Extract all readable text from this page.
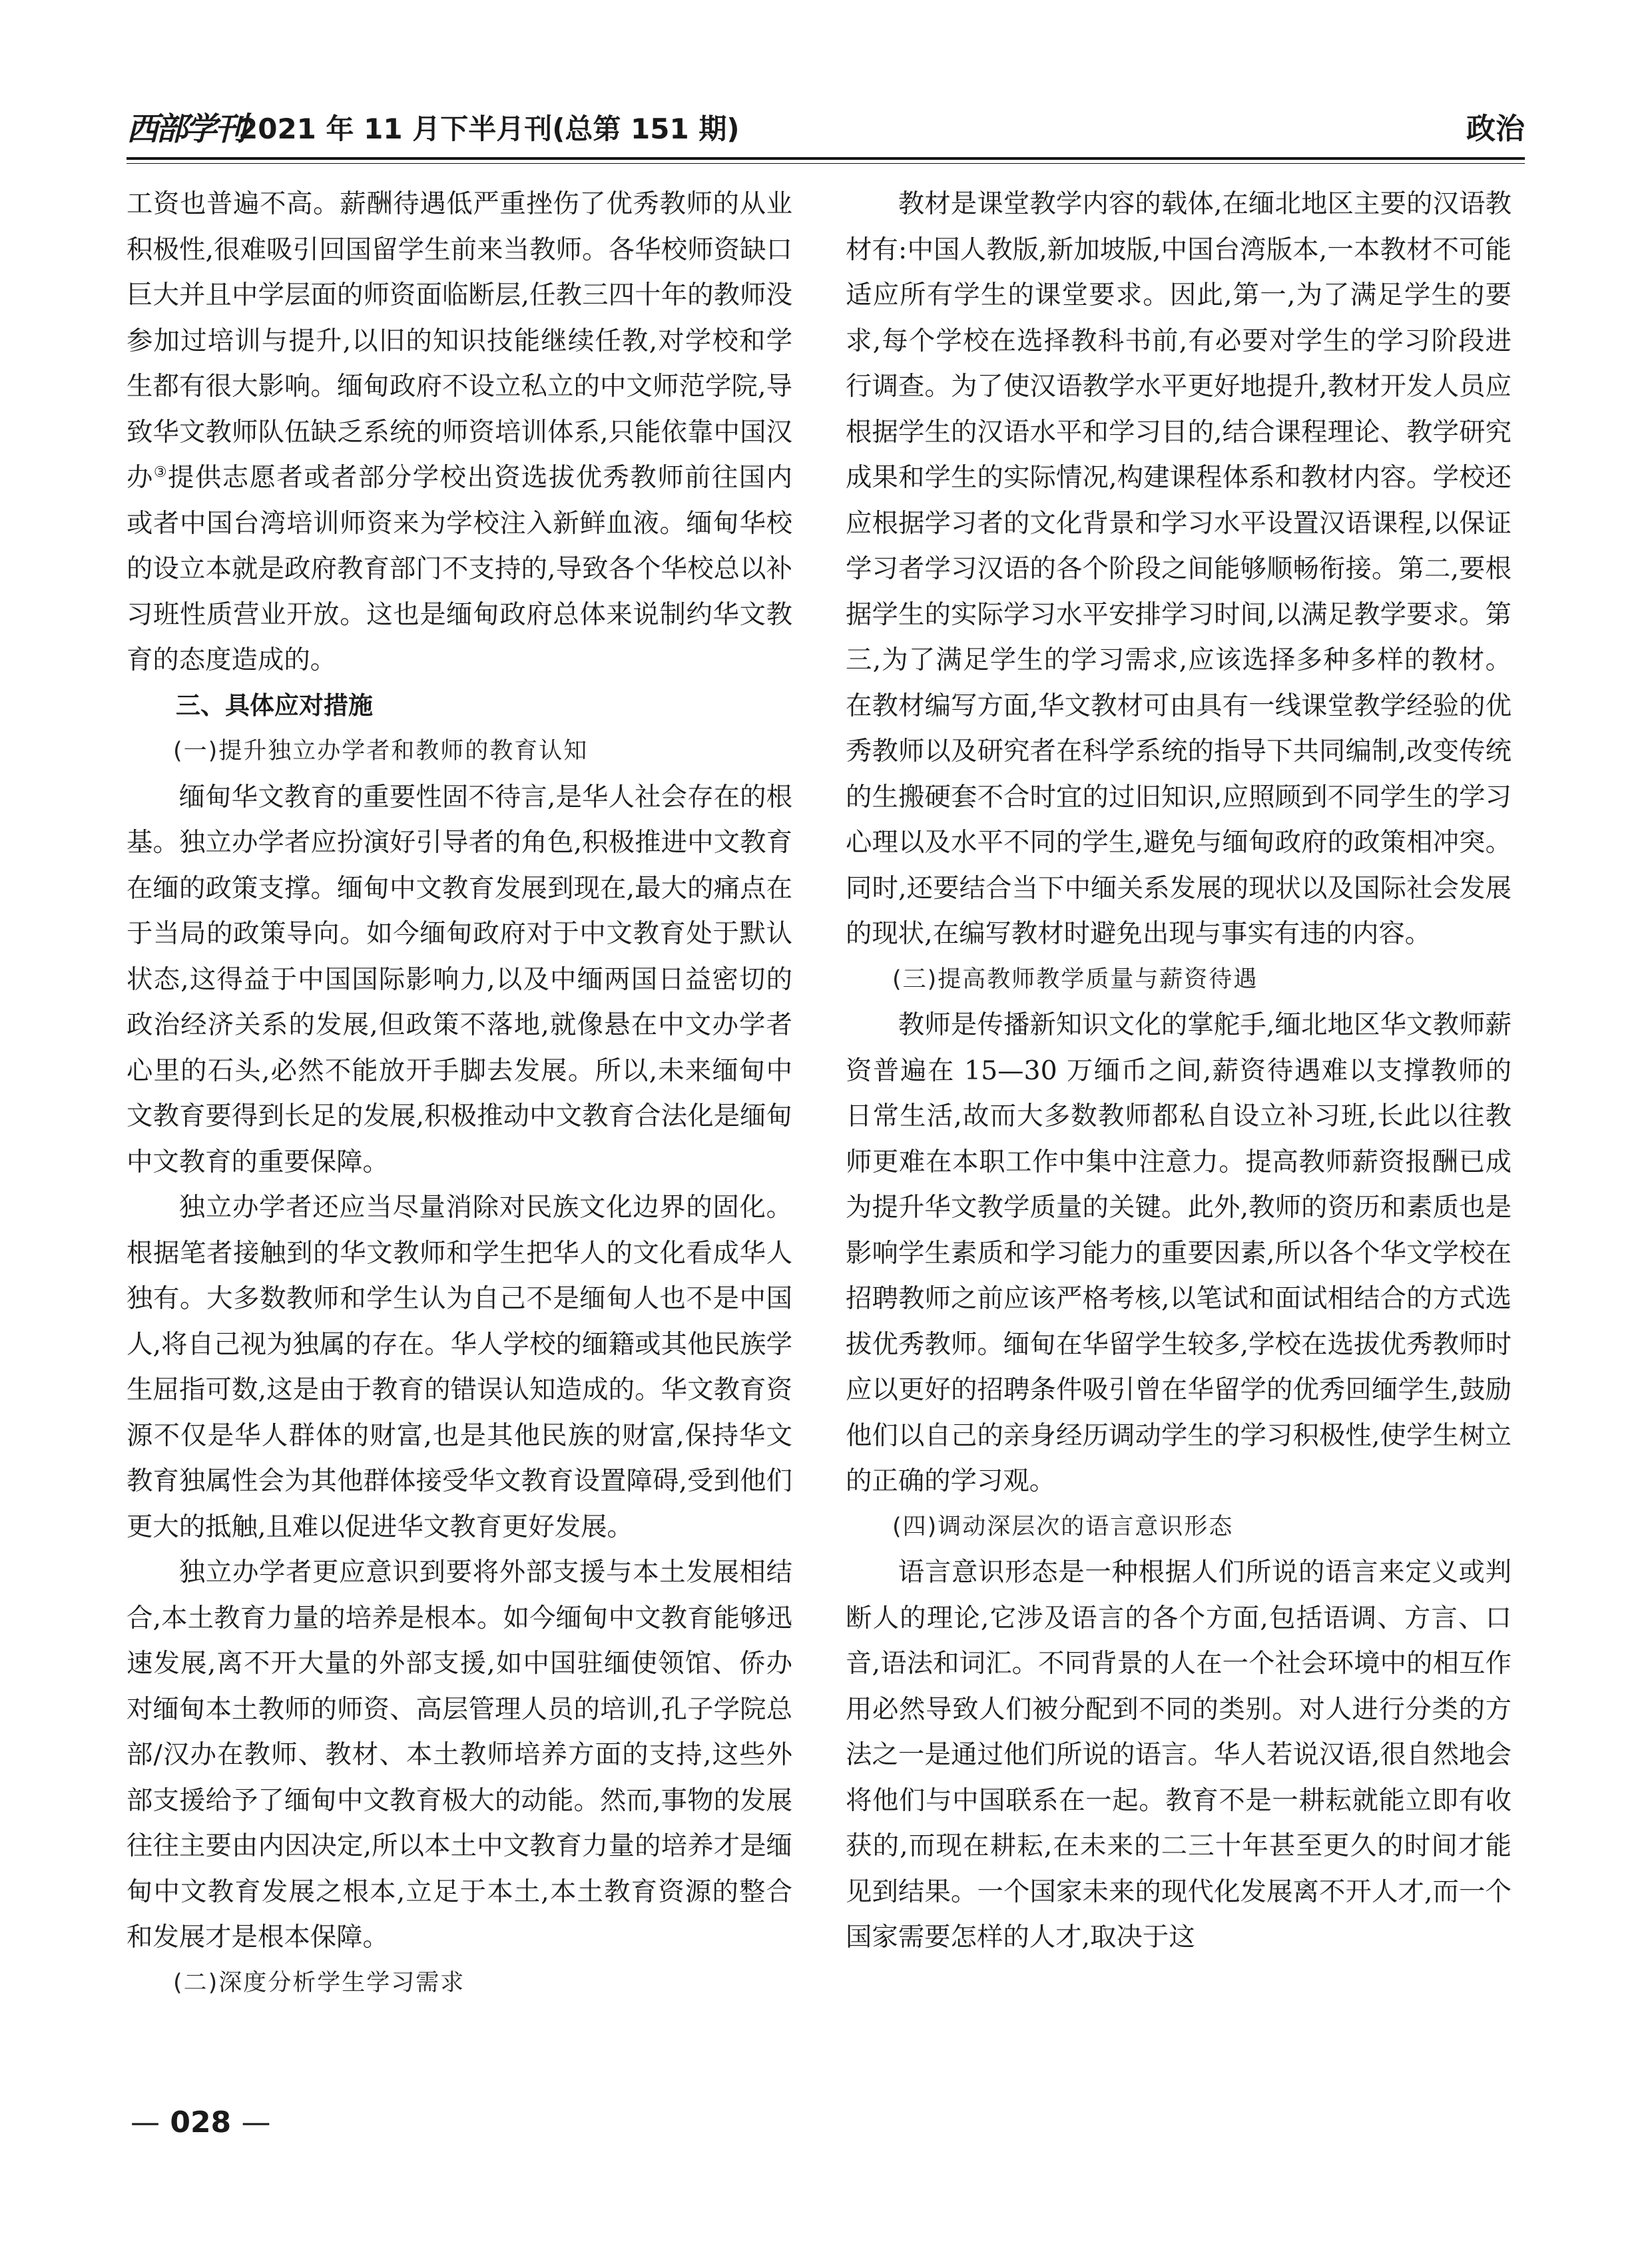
西部学刊
2021 年 11 月下半月刊(总第 151 期)	政治

工资也普遍不高。薪酬待遇低严重挫伤了优秀教师的从业积极性,很难吸引回国留学生前来当教师。各华校师资缺口巨大并且中学层面的师资面临断层,任教三四十年的教师没参加过培训与提升,以旧的知识技能继续任教,对学校和学生都有很大影响。缅甸政府不设立私立的中文师范学院,导致华文教师队伍缺乏系统的师资培训体系,只能依靠中国汉办③提供志愿者或者部分学校出资选拔优秀教师前往国内或者中国台湾培训师资来为学校注入新鲜血液。缅甸华校的设立本就是政府教育部门不支持的,导致各个华校总以补习班性质营业开放。这也是缅甸政府总体来说制约华文教育的态度造成的。

三、具体应对措施

(一)提升独立办学者和教师的教育认知

缅甸华文教育的重要性固不待言,是华人社会存在的根基。独立办学者应扮演好引导者的角色,积极推进中文教育在缅的政策支撑。缅甸中文教育发展到现在,最大的痛点在于当局的政策导向。如今缅甸政府对于中文教育处于默认状态,这得益于中国国际影响力,以及中缅两国日益密切的政治经济关系的发展,但政策不落地,就像悬在中文办学者心里的石头,必然不能放开手脚去发展。所以,未来缅甸中文教育要得到长足的发展,积极推动中文教育合法化是缅甸中文教育的重要保障。

独立办学者还应当尽量消除对民族文化边界的固化。根据笔者接触到的华文教师和学生把华人的文化看成华人独有。大多数教师和学生认为自己不是缅甸人也不是中国人,将自己视为独属的存在。华人学校的缅籍或其他民族学生屈指可数,这是由于教育的错误认知造成的。华文教育资源不仅是华人群体的财富,也是其他民族的财富,保持华文教育独属性会为其他群体接受华文教育设置障碍,受到他们更大的抵触,且难以促进华文教育更好发展。

独立办学者更应意识到要将外部支援与本土发展相结合,本土教育力量的培养是根本。如今缅甸中文教育能够迅速发展,离不开大量的外部支援,如中国驻缅使领馆、侨办对缅甸本土教师的师资、高层管理人员的培训,孔子学院总部/汉办在教师、教材、本土教师培养方面的支持,这些外部支援给予了缅甸中文教育极大的动能。然而,事物的发展往往主要由内因决定,所以本土中文教育力量的培养才是缅甸中文教育发展之根本,立足于本土,本土教育资源的整合和发展才是根本保障。

(二)深度分析学生学习需求

教材是课堂教学内容的载体,在缅北地区主要的汉语教材有:中国人教版,新加坡版,中国台湾版本,一本教材不可能适应所有学生的课堂要求。因此,第一,为了满足学生的要求,每个学校在选择教科书前,有必要对学生的学习阶段进行调查。为了使汉语教学水平更好地提升,教材开发人员应根据学生的汉语水平和学习目的,结合课程理论、教学研究成果和学生的实际情况,构建课程体系和教材内容。学校还应根据学习者的文化背景和学习水平设置汉语课程,以保证学习者学习汉语的各个阶段之间能够顺畅衔接。第二,要根据学生的实际学习水平安排学习时间,以满足教学要求。第三,为了满足学生的学习需求,应该选择多种多样的教材。在教材编写方面,华文教材可由具有一线课堂教学经验的优秀教师以及研究者在科学系统的指导下共同编制,改变传统的生搬硬套不合时宜的过旧知识,应照顾到不同学生的学习心理以及水平不同的学生,避免与缅甸政府的政策相冲突。同时,还要结合当下中缅关系发展的现状以及国际社会发展的现状,在编写教材时避免出现与事实有违的内容。

(三)提高教师教学质量与薪资待遇

教师是传播新知识文化的掌舵手,缅北地区华文教师薪资普遍在 15—30 万缅币之间,薪资待遇难以支撑教师的日常生活,故而大多数教师都私自设立补习班,长此以往教师更难在本职工作中集中注意力。提高教师薪资报酬已成为提升华文教学质量的关键。此外,教师的资历和素质也是影响学生素质和学习能力的重要因素,所以各个华文学校在招聘教师之前应该严格考核,以笔试和面试相结合的方式选拔优秀教师。缅甸在华留学生较多,学校在选拔优秀教师时应以更好的招聘条件吸引曾在华留学的优秀回缅学生,鼓励他们以自己的亲身经历调动学生的学习积极性,使学生树立的正确的学习观。

(四)调动深层次的语言意识形态

语言意识形态是一种根据人们所说的语言来定义或判断人的理论,它涉及语言的各个方面,包括语调、方言、口音,语法和词汇。不同背景的人在一个社会环境中的相互作用必然导致人们被分配到不同的类别。对人进行分类的方法之一是通过他们所说的语言。华人若说汉语,很自然地会将他们与中国联系在一起。教育不是一耕耘就能立即有收获的,而现在耕耘,在未来的二三十年甚至更久的时间才能见到结果。一个国家未来的现代化发展离不开人才,而一个国家需要怎样的人才,取决于这

— 028 —
